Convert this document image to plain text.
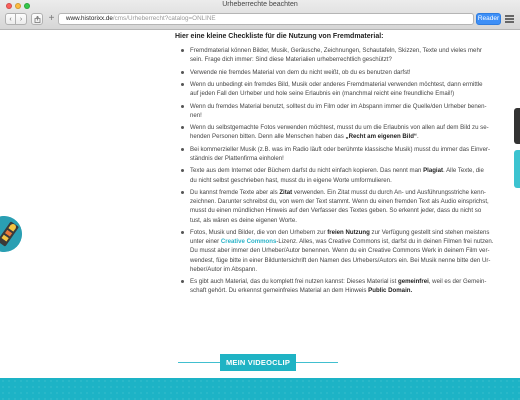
Urheberrechte beachten
‹ ›	+	www.historixx.de/cms/Urheberrecht?catalog=ONLINE	Reader
Hier eine kleine Checkliste für die Nutzung von Fremdmaterial:
Fremdmaterial können Bilder, Musik, Geräusche, Zeichnungen, Schautafeln, Skizzen, Texte und vieles mehr
sein. Frage dich immer: Sind diese Materialien urheberrechtlich geschützt?
Verwende nie fremdes Material von dem du nicht weißt, ob du es benutzen darfst!
Wenn du unbedingt ein fremdes Bild, Musik oder anderes Fremdmaterial verwenden möchtest, dann ermittle
auf jeden Fall den Urheber und hole seine Erlaubnis ein (manchmal reicht eine freundliche Email!)
Wenn du fremdes Material benutzt, solltest du im Film oder im Abspann immer die Quelle/den Urheber benen-
nen!
Wenn du selbstgemachte Fotos verwenden möchtest, musst du um die Erlaubnis von allen auf dem Bild zu se-
henden Personen bitten. Denn alle Menschen haben das „Recht am eigenen Bild“.
Bei kommerzieller Musik (z.B. was im Radio läuft oder berühmte klassische Musik) musst du immer das Einver-
ständnis der Plattenfirma einholen!
Texte aus dem Internet oder Büchern darfst du nicht einfach kopieren. Das nennt man Plagiat. Alle Texte, die
du nicht selbst geschrieben hast, musst du in eigene Worte umformulieren.
Du kannst fremde Texte aber als Zitat verwenden. Ein Zitat musst du durch An- und Ausführungsstriche kenn-
zeichnen. Darunter schreibst du, von wem der Text stammt. Wenn du einen fremden Text als Audio einsprichst,
musst du einen mündlichen Hinweis auf den Verfasser des Textes geben. So erkennt jeder, dass du nicht so
tust, als wären es deine eigenen Worte.
Fotos, Musik und Bilder, die von den Urhebern zur freien Nutzung zur Verfügung gestellt sind stehen meistens
unter einer Creative Commons-Lizenz. Alles, was Creative Commons ist, darfst du in deinen Filmen frei nutzen.
Du musst aber immer den Urheber/Autor benennen. Wenn du ein Creative Commons Werk in deinem Film ver-
wendest, füge bitte in einer Bilduntersichrift den Namen des Urhebers/Autors ein. Bei Musik nenne bitte den Ur-
heber/Autor im Abspann.
Es gibt auch Material, das du komplett frei nutzen kannst: Dieses Material ist gemeinfrei, weil es der Gemein-
schaft gehört. Du erkennst gemeinfreies Material an dem Hinweis Public Domain.
MEIN VIDEOCLIP
